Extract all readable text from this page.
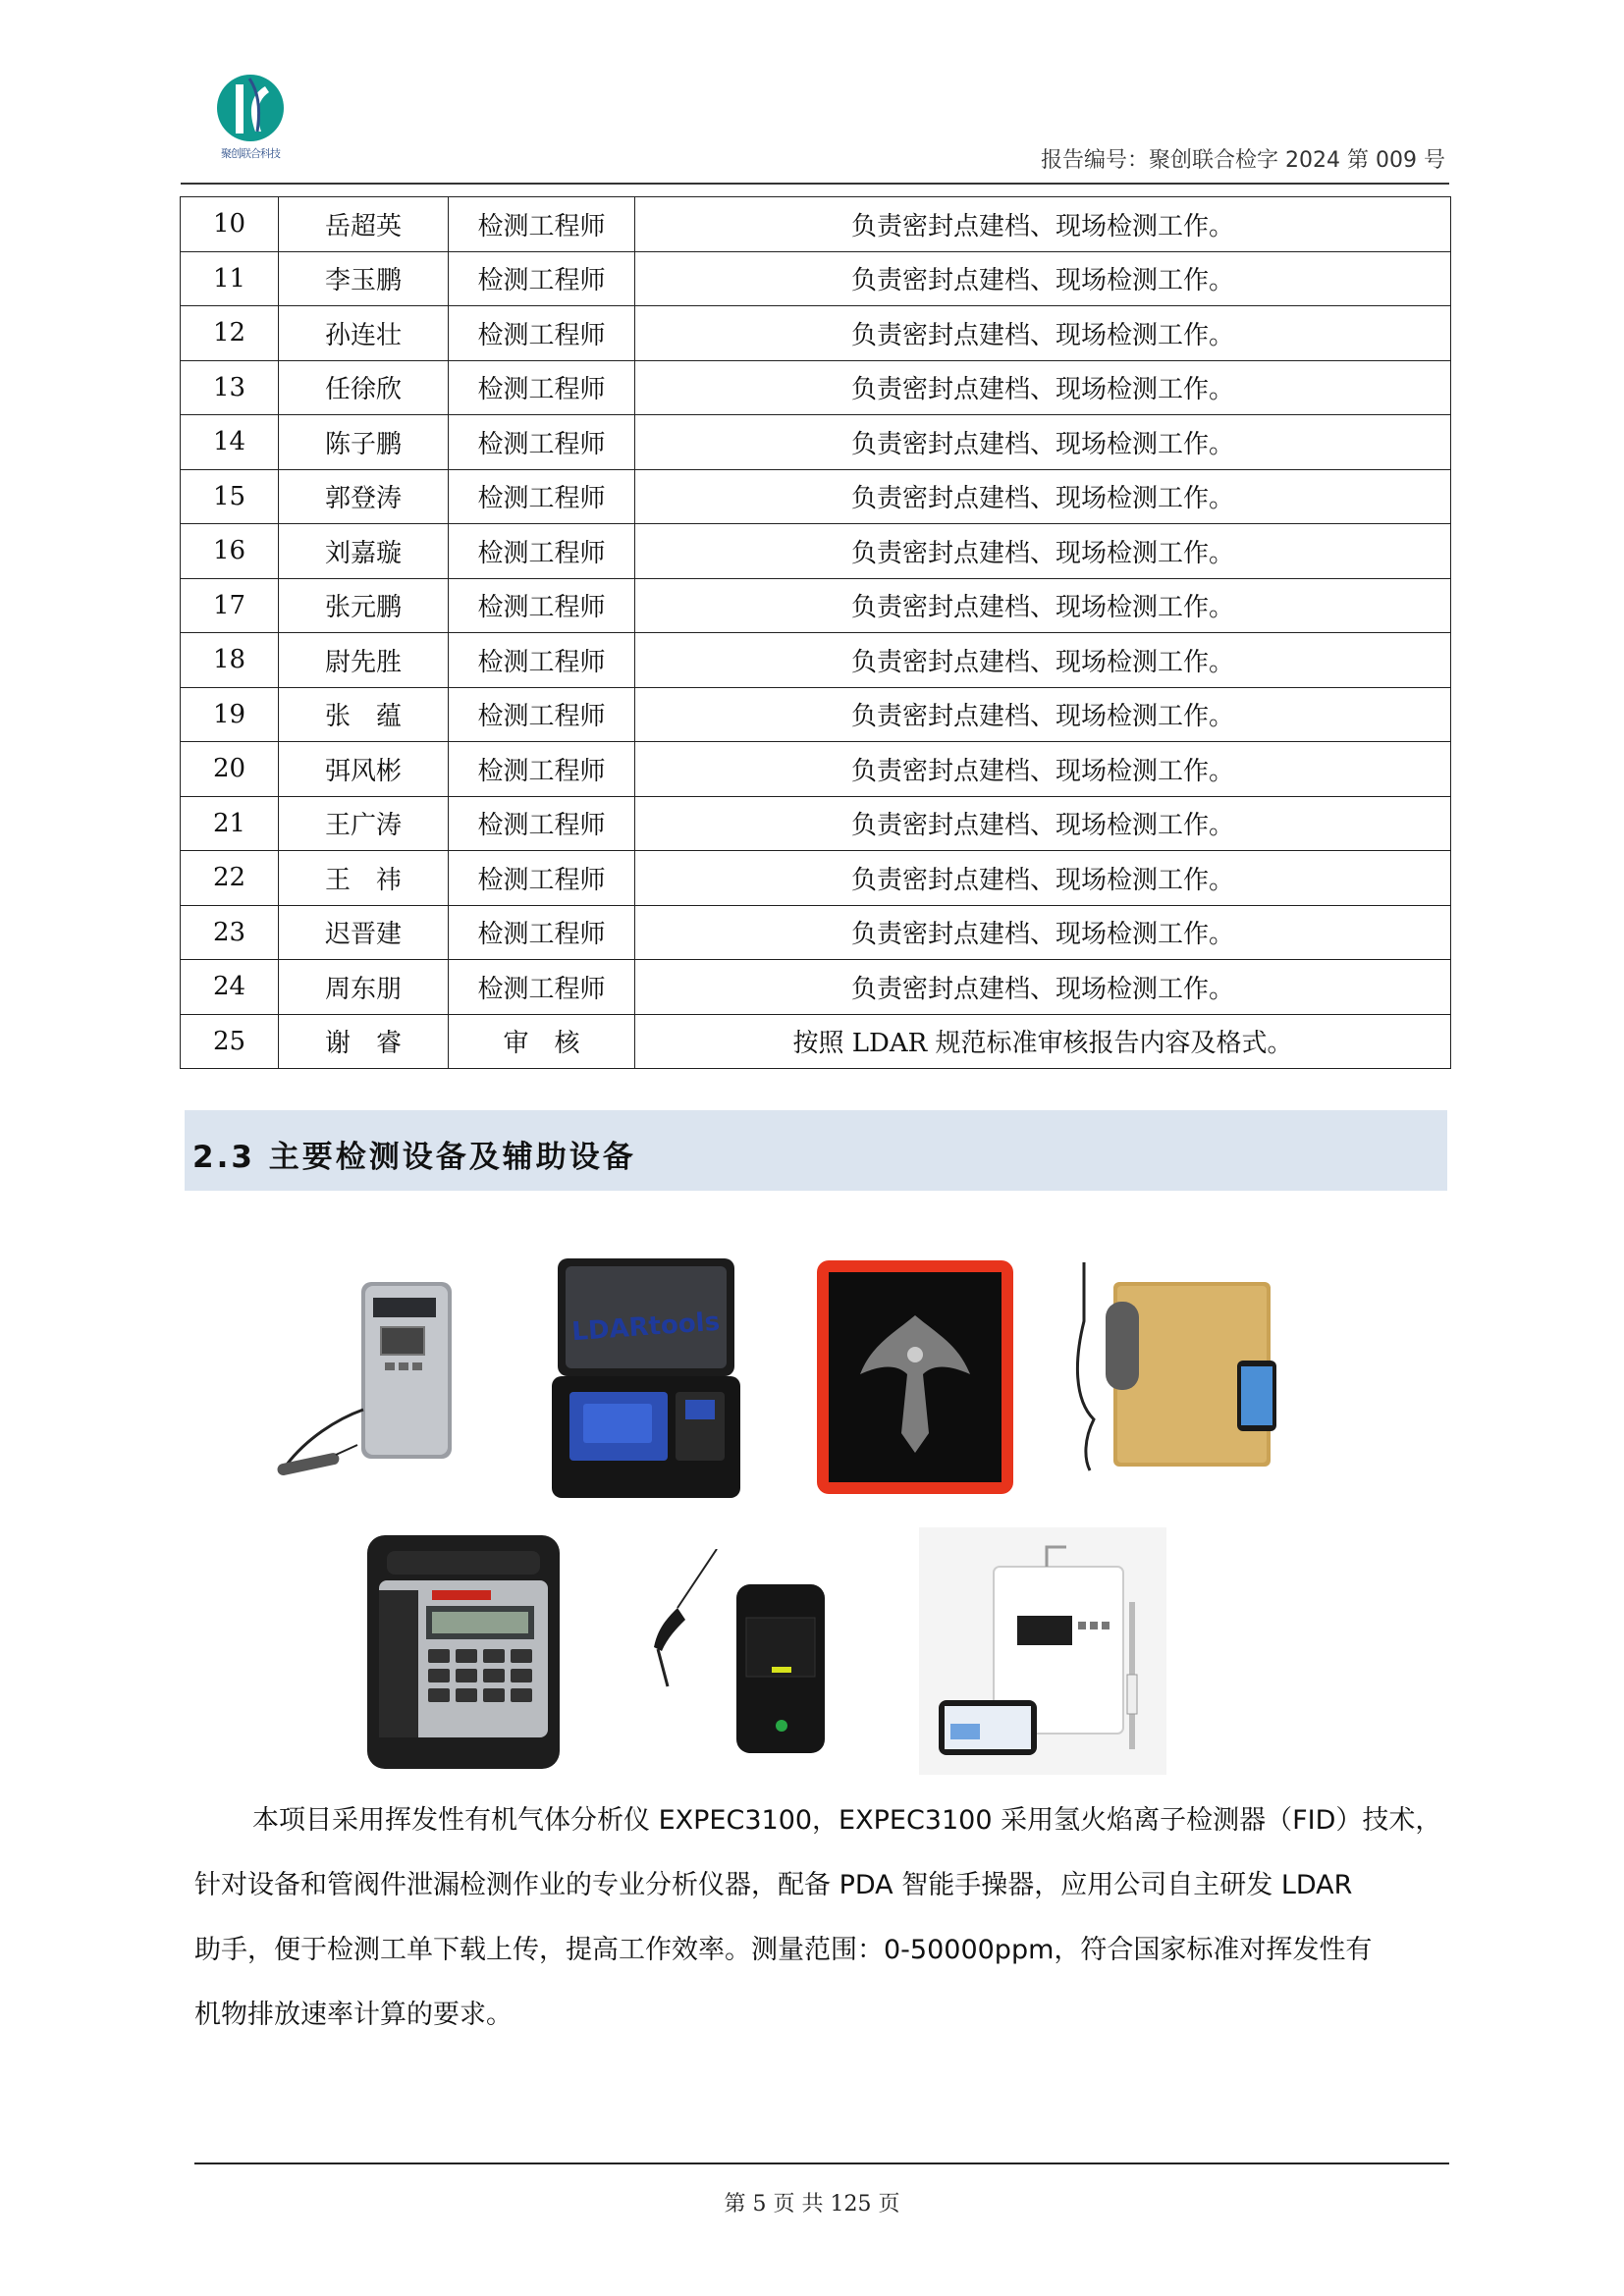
聚创联合科技	报告编号：聚创联合检字 2024 第 009 号
10	岳超英	检测工程师	负责密封点建档、现场检测工作。
11	李玉鹏	检测工程师	负责密封点建档、现场检测工作。
12	孙连壮	检测工程师	负责密封点建档、现场检测工作。
13	任徐欣	检测工程师	负责密封点建档、现场检测工作。
14	陈子鹏	检测工程师	负责密封点建档、现场检测工作。
15	郭登涛	检测工程师	负责密封点建档、现场检测工作。
16	刘嘉璇	检测工程师	负责密封点建档、现场检测工作。
17	张元鹏	检测工程师	负责密封点建档、现场检测工作。
18	尉先胜	检测工程师	负责密封点建档、现场检测工作。
19	张　蕴	检测工程师	负责密封点建档、现场检测工作。
20	弭风彬	检测工程师	负责密封点建档、现场检测工作。
21	王广涛	检测工程师	负责密封点建档、现场检测工作。
22	王　祎	检测工程师	负责密封点建档、现场检测工作。
23	迟晋建	检测工程师	负责密封点建档、现场检测工作。
24	周东朋	检测工程师	负责密封点建档、现场检测工作。
25	谢　睿	审　核	按照 LDAR 规范标准审核报告内容及格式。
2.3 主要检测设备及辅助设备
LDARtools
本项目采用挥发性有机气体分析仪 EXPEC3100，EXPEC3100 采用氢火焰离子检测器（FID）技术，
针对设备和管阀件泄漏检测作业的专业分析仪器，配备 PDA 智能手操器，应用公司自主研发 LDAR
助手，便于检测工单下载上传，提高工作效率。测量范围：0-50000ppm，符合国家标准对挥发性有
机物排放速率计算的要求。
第 5 页 共 125 页
